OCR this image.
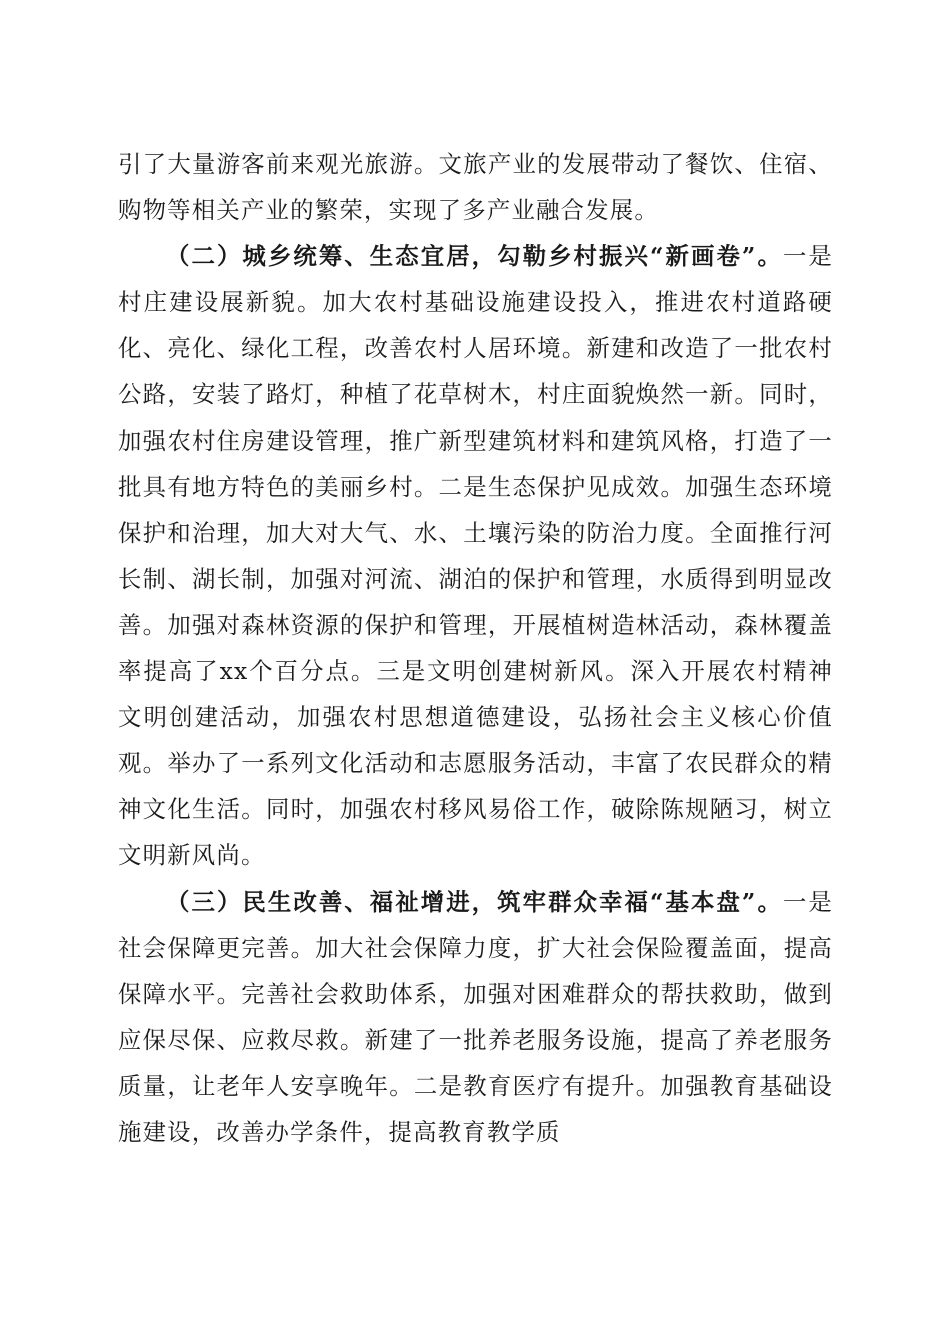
引了大量游客前来观光旅游。文旅产业的发展带动了餐饮、住宿、购物等相关产业的繁荣，实现了多产业融合发展。

（二）城乡统筹、生态宜居，勾勒乡村振兴“新画卷”。一是村庄建设展新貌。加大农村基础设施建设投入，推进农村道路硬化、亮化、绿化工程，改善农村人居环境。新建和改造了一批农村公路，安装了路灯，种植了花草树木，村庄面貌焕然一新。同时，加强农村住房建设管理，推广新型建筑材料和建筑风格，打造了一批具有地方特色的美丽乡村。二是生态保护见成效。加强生态环境保护和治理，加大对大气、水、土壤污染的防治力度。全面推行河长制、湖长制，加强对河流、湖泊的保护和管理，水质得到明显改善。加强对森林资源的保护和管理，开展植树造林活动，森林覆盖率提高了xx个百分点。三是文明创建树新风。深入开展农村精神文明创建活动，加强农村思想道德建设，弘扬社会主义核心价值观。举办了一系列文化活动和志愿服务活动，丰富了农民群众的精神文化生活。同时，加强农村移风易俗工作，破除陈规陋习，树立文明新风尚。

（三）民生改善、福祉增进，筑牢群众幸福“基本盘”。一是社会保障更完善。加大社会保障力度，扩大社会保险覆盖面，提高保障水平。完善社会救助体系，加强对困难群众的帮扶救助，做到应保尽保、应救尽救。新建了一批养老服务设施，提高了养老服务质量，让老年人安享晚年。二是教育医疗有提升。加强教育基础设施建设，改善办学条件，提高教育教学质
